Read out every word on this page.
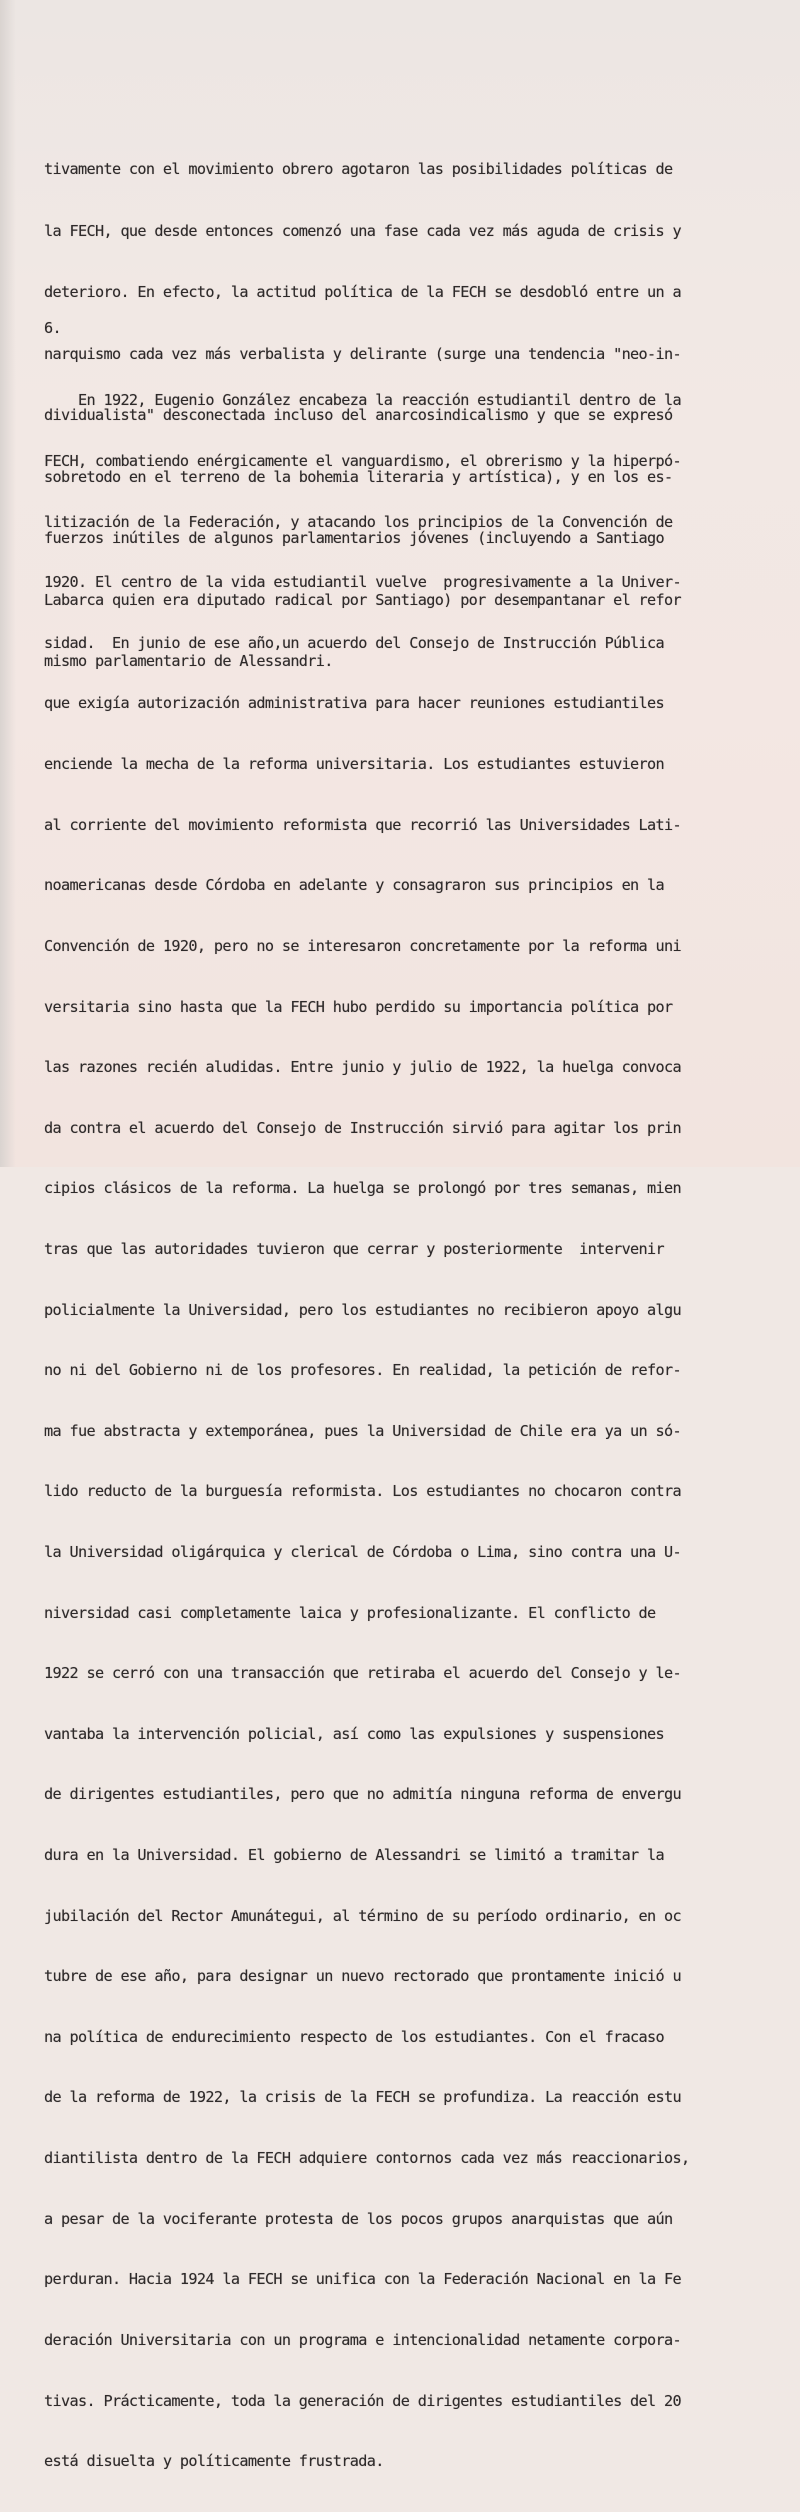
tivamente con el movimiento obrero agotaron las posibilidades políticas de

la FECH, que desde entonces comenzó una fase cada vez más aguda de crisis y

deterioro. En efecto, la actitud política de la FECH se desdobló entre un a

narquismo cada vez más verbalista y delirante (surge una tendencia "neo-in-

dividualista" desconectada incluso del anarcosindicalismo y que se expresó

sobretodo en el terreno de la bohemia literaria y artística), y en los es-

fuerzos inútiles de algunos parlamentarios jóvenes (incluyendo a Santiago

Labarca quien era diputado radical por Santiago) por desempantanar el refor

mismo parlamentario de Alessandri.

6.

En 1922, Eugenio González encabeza la reacción estudiantil dentro de la

FECH, combatiendo enérgicamente el vanguardismo, el obrerismo y la hiperpó-

litización de la Federación, y atacando los principios de la Convención de

1920. El centro de la vida estudiantil vuelve  progresivamente a la Univer-

sidad.  En junio de ese año,un acuerdo del Consejo de Instrucción Pública

que exigía autorización administrativa para hacer reuniones estudiantiles

enciende la mecha de la reforma universitaria. Los estudiantes estuvieron

al corriente del movimiento reformista que recorrió las Universidades Lati-

noamericanas desde Córdoba en adelante y consagraron sus principios en la

Convención de 1920, pero no se interesaron concretamente por la reforma uni

versitaria sino hasta que la FECH hubo perdido su importancia política por

las razones recién aludidas. Entre junio y julio de 1922, la huelga convoca

da contra el acuerdo del Consejo de Instrucción sirvió para agitar los prin

cipios clásicos de la reforma. La huelga se prolongó por tres semanas, mien

tras que las autoridades tuvieron que cerrar y posteriormente  intervenir

policialmente la Universidad, pero los estudiantes no recibieron apoyo algu

no ni del Gobierno ni de los profesores. En realidad, la petición de refor-

ma fue abstracta y extemporánea, pues la Universidad de Chile era ya un só-

lido reducto de la burguesía reformista. Los estudiantes no chocaron contra

la Universidad oligárquica y clerical de Córdoba o Lima, sino contra una U-

niversidad casi completamente laica y profesionalizante. El conflicto de

1922 se cerró con una transacción que retiraba el acuerdo del Consejo y le-

vantaba la intervención policial, así como las expulsiones y suspensiones

de dirigentes estudiantiles, pero que no admitía ninguna reforma de envergu

dura en la Universidad. El gobierno de Alessandri se limitó a tramitar la

jubilación del Rector Amunátegui, al término de su período ordinario, en oc

tubre de ese año, para designar un nuevo rectorado que prontamente inició u

na política de endurecimiento respecto de los estudiantes. Con el fracaso

de la reforma de 1922, la crisis de la FECH se profundiza. La reacción estu

diantilista dentro de la FECH adquiere contornos cada vez más reaccionarios,

a pesar de la vociferante protesta de los pocos grupos anarquistas que aún

perduran. Hacia 1924 la FECH se unifica con la Federación Nacional en la Fe

deración Universitaria con un programa e intencionalidad netamente corpora-

tivas. Prácticamente, toda la generación de dirigentes estudiantiles del 20

está disuelta y políticamente frustrada.
